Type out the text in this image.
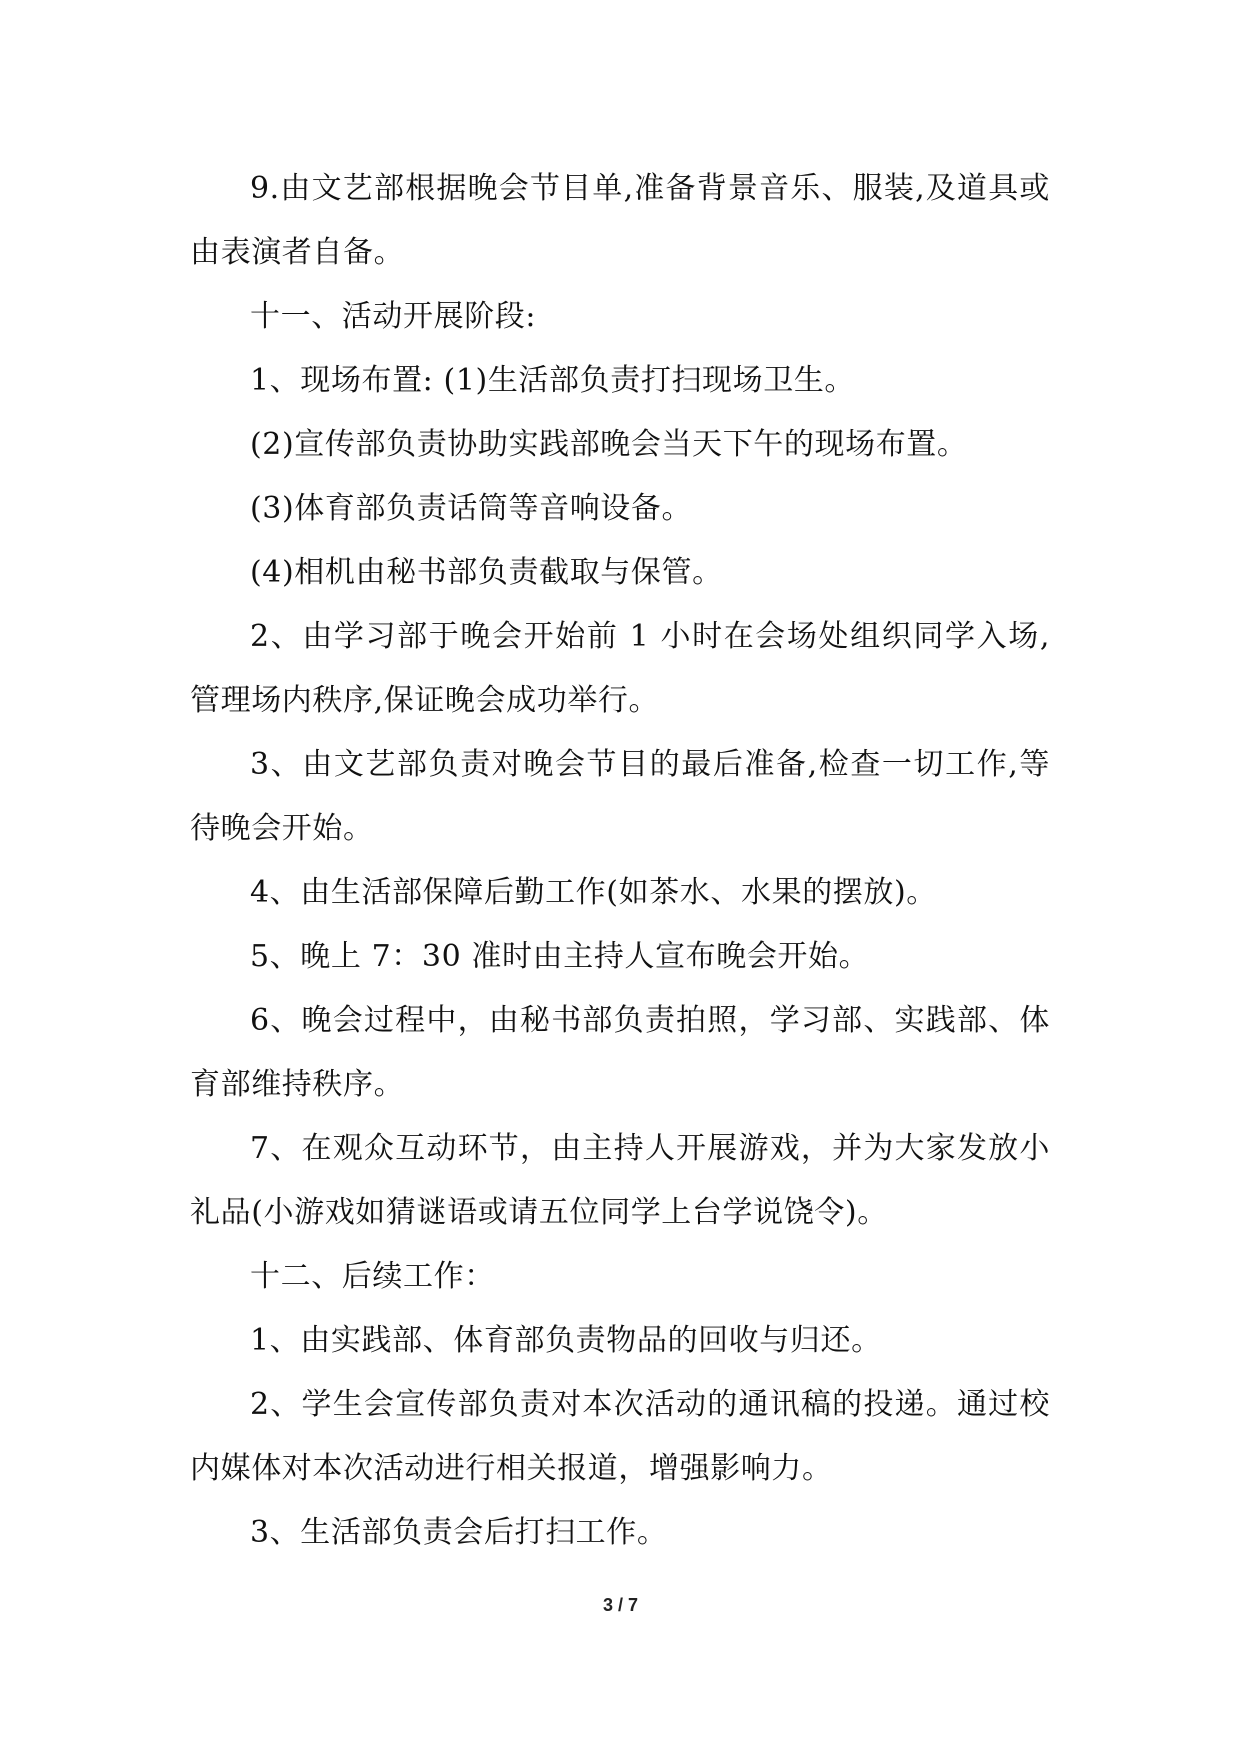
9.由文艺部根据晚会节目单,准备背景音乐、服装,及道具或由表演者自备。

十一、活动开展阶段:

1、现场布置: (1)生活部负责打扫现场卫生。

(2)宣传部负责协助实践部晚会当天下午的现场布置。

(3)体育部负责话筒等音响设备。

(4)相机由秘书部负责截取与保管。

2、由学习部于晚会开始前 1 小时在会场处组织同学入场,管理场内秩序,保证晚会成功举行。

3、由文艺部负责对晚会节目的最后准备,检查一切工作,等待晚会开始。

4、由生活部保障后勤工作(如茶水、水果的摆放)。

5、晚上 7：30 准时由主持人宣布晚会开始。

6、晚会过程中，由秘书部负责拍照，学习部、实践部、体育部维持秩序。

7、在观众互动环节，由主持人开展游戏，并为大家发放小礼品(小游戏如猜谜语或请五位同学上台学说饶令)。

十二、后续工作：

1、由实践部、体育部负责物品的回收与归还。

2、学生会宣传部负责对本次活动的通讯稿的投递。通过校内媒体对本次活动进行相关报道，增强影响力。

3、生活部负责会后打扫工作。

3 / 7
